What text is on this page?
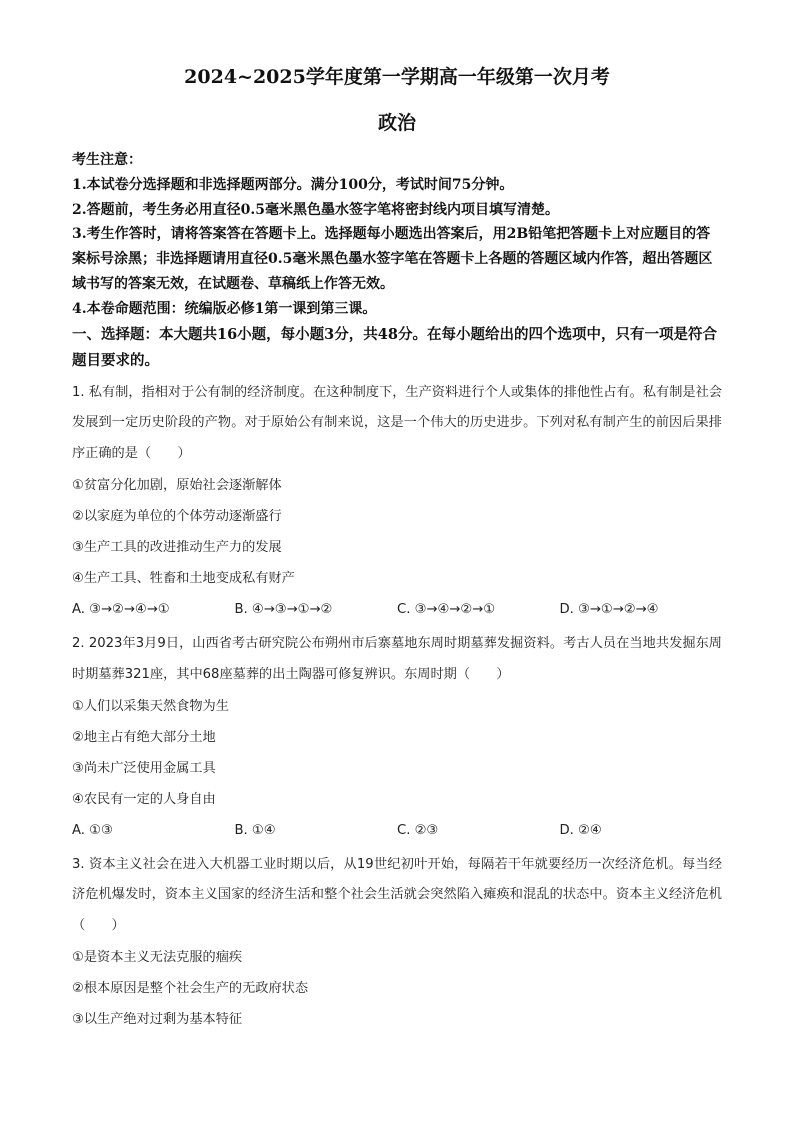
2024~2025学年度第一学期高一年级第一次月考
政治

考生注意：

1.本试卷分选择题和非选择题两部分。满分100分，考试时间75分钟。

2.答题前，考生务必用直径0.5毫米黑色墨水签字笔将密封线内项目填写清楚。

3.考生作答时，请将答案答在答题卡上。选择题每小题选出答案后，用2B铅笔把答题卡上对应题目的答案标号涂黑；非选择题请用直径0.5毫米黑色墨水签字笔在答题卡上各题的答题区域内作答，超出答题区域书写的答案无效，在试题卷、草稿纸上作答无效。

4.本卷命题范围：统编版必修1第一课到第三课。

一、选择题：本大题共16小题，每小题3分，共48分。在每小题给出的四个选项中，只有一项是符合题目要求的。

1. 私有制，指相对于公有制的经济制度。在这种制度下，生产资料进行个人或集体的排他性占有。私有制是社会发展到一定历史阶段的产物。对于原始公有制来说，这是一个伟大的历史进步。下列对私有制产生的前因后果排序正确的是（　　）

①贫富分化加剧，原始社会逐渐解体

②以家庭为单位的个体劳动逐渐盛行

③生产工具的改进推动生产力的发展

④生产工具、牲畜和土地变成私有财产

A. ③→②→④→①	B. ④→③→①→②	C. ③→④→②→①	D. ③→①→②→④

2. 2023年3月9日，山西省考古研究院公布朔州市后寨墓地东周时期墓葬发掘资料。考古人员在当地共发掘东周时期墓葬321座，其中68座墓葬的出土陶器可修复辨识。东周时期（　　）

①人们以采集天然食物为生

②地主占有绝大部分土地

③尚未广泛使用金属工具

④农民有一定的人身自由

A. ①③	B. ①④	C. ②③	D. ②④

3. 资本主义社会在进入大机器工业时期以后，从19世纪初叶开始，每隔若干年就要经历一次经济危机。每当经济危机爆发时，资本主义国家的经济生活和整个社会生活就会突然陷入瘫痪和混乱的状态中。资本主义经济危机（　　）

①是资本主义无法克服的痼疾

②根本原因是整个社会生产的无政府状态

③以生产绝对过剩为基本特征
